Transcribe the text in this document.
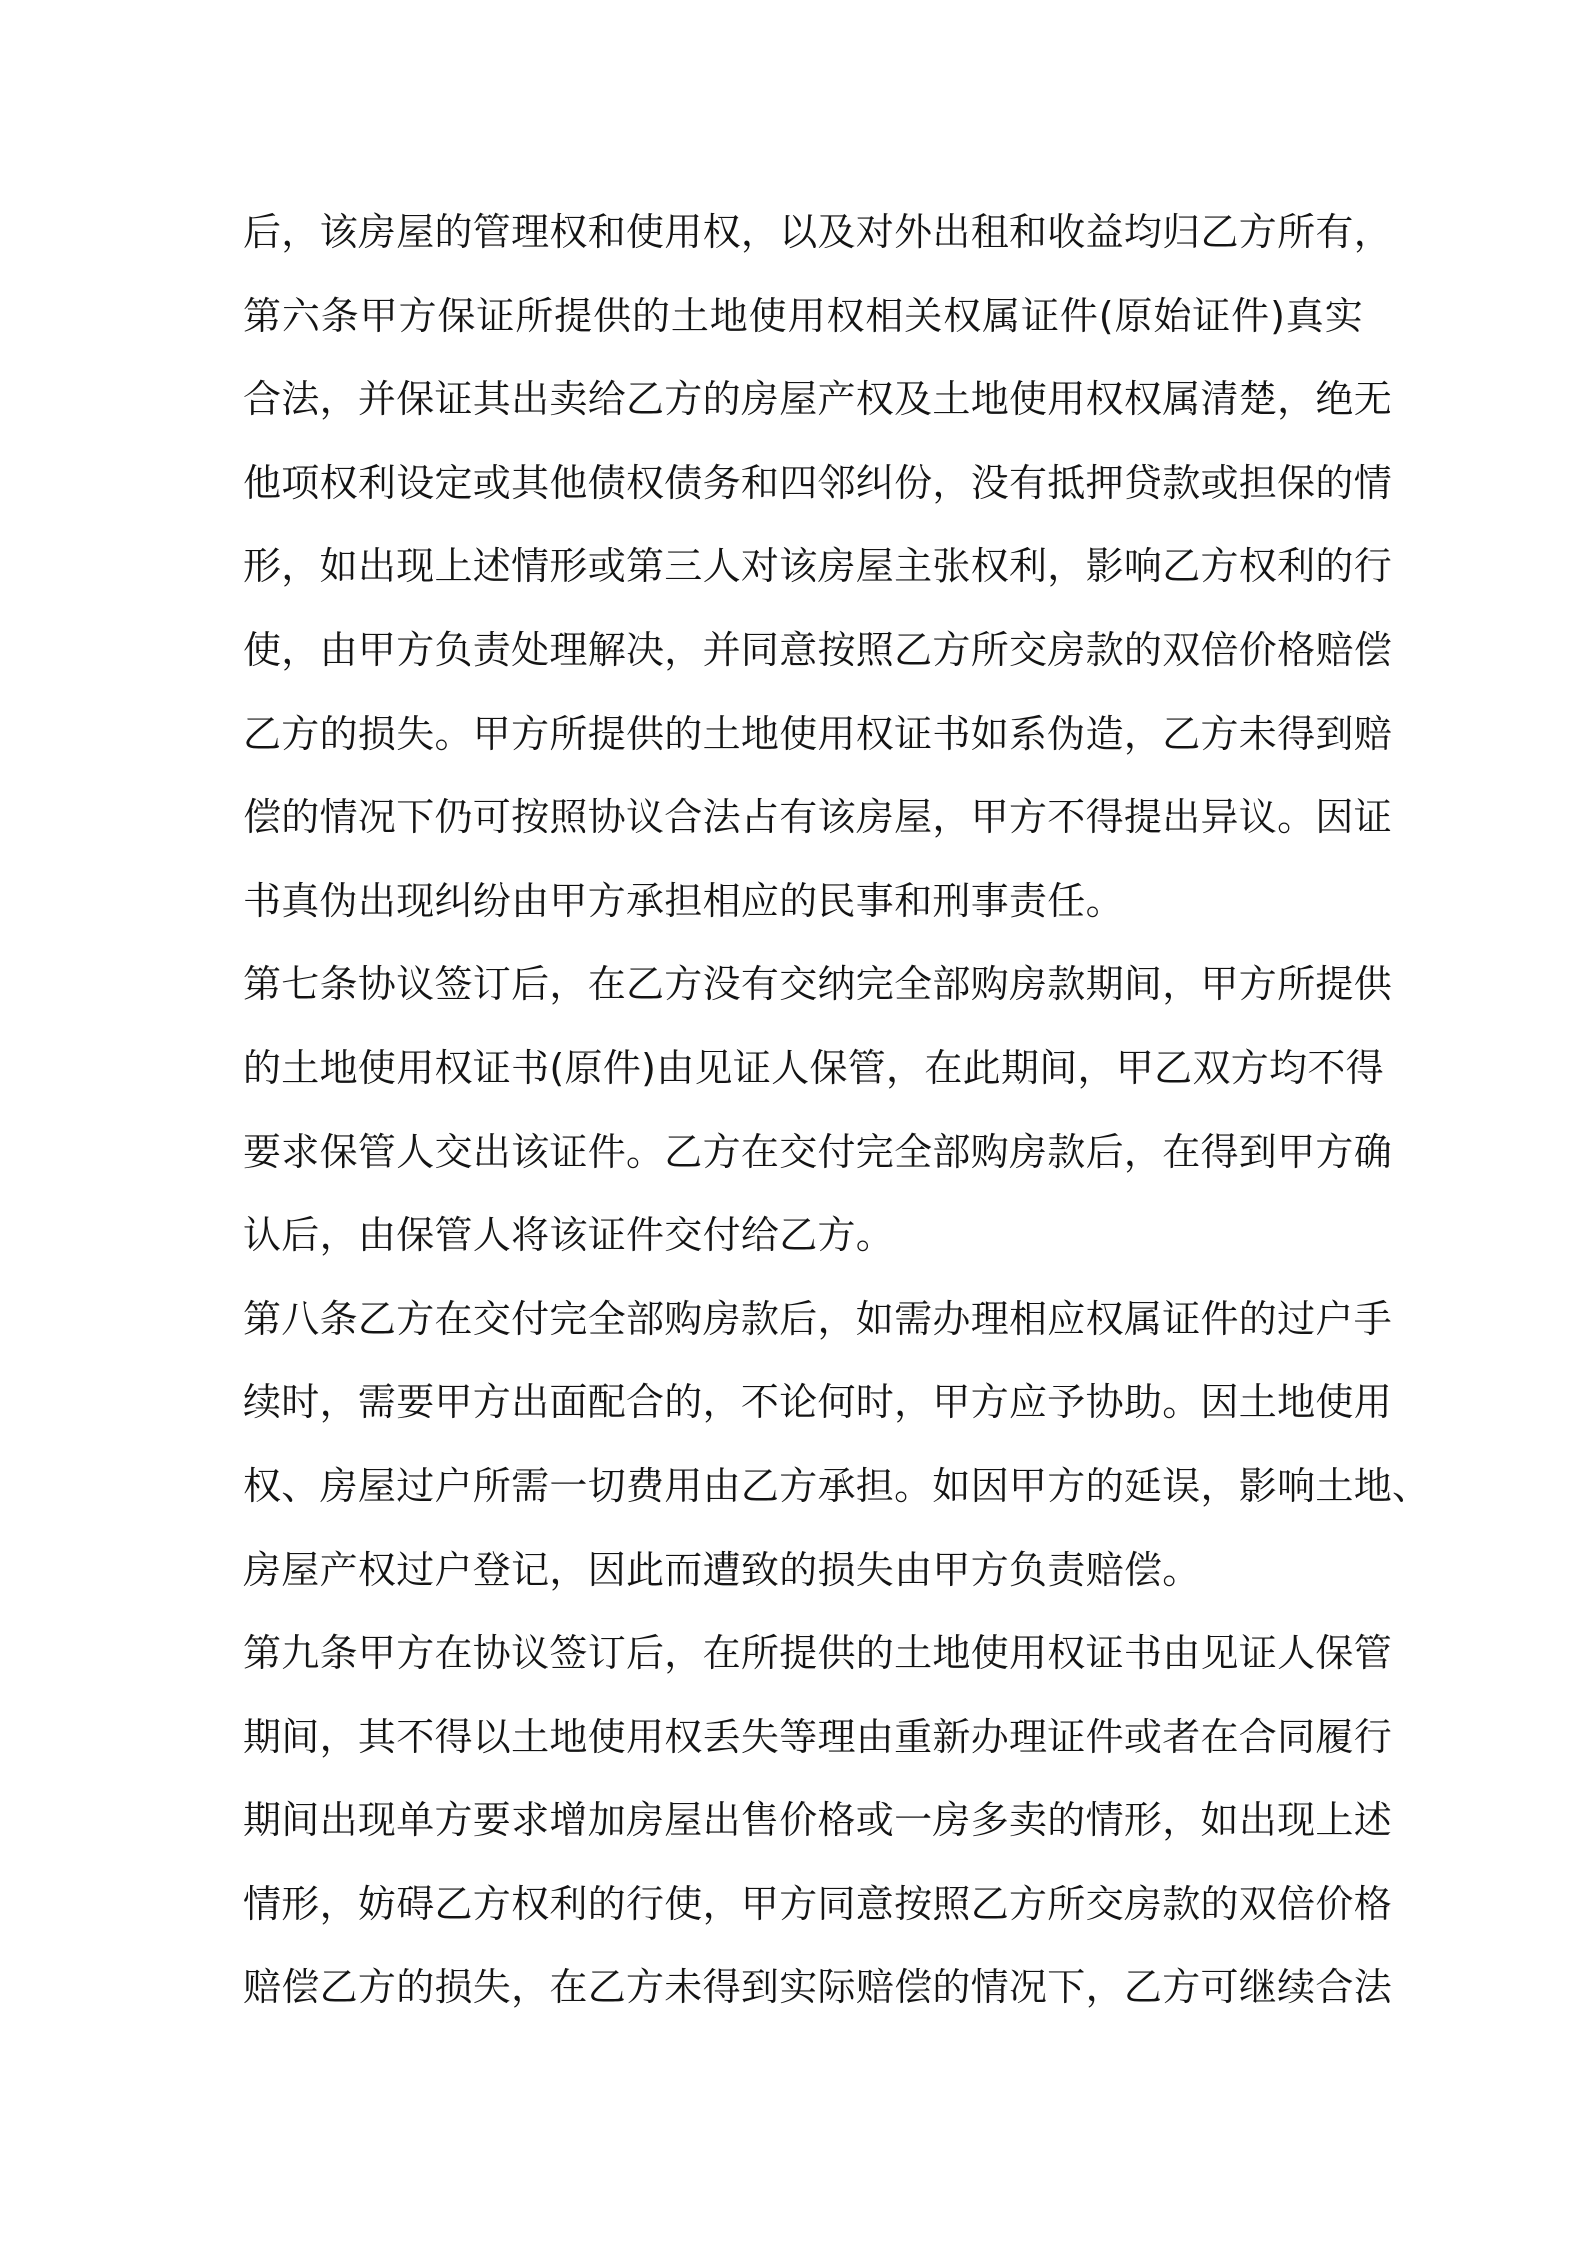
后，该房屋的管理权和使用权，以及对外出租和收益均归乙方所有，
第六条甲方保证所提供的土地使用权相关权属证件(原始证件)真实
合法，并保证其出卖给乙方的房屋产权及土地使用权权属清楚，绝无
他项权利设定或其他债权债务和四邻纠份，没有抵押贷款或担保的情
形，如出现上述情形或第三人对该房屋主张权利，影响乙方权利的行
使，由甲方负责处理解决，并同意按照乙方所交房款的双倍价格赔偿
乙方的损失。甲方所提供的土地使用权证书如系伪造，乙方未得到赔
偿的情况下仍可按照协议合法占有该房屋，甲方不得提出异议。因证
书真伪出现纠纷由甲方承担相应的民事和刑事责任。
第七条协议签订后，在乙方没有交纳完全部购房款期间，甲方所提供
的土地使用权证书(原件)由见证人保管，在此期间，甲乙双方均不得
要求保管人交出该证件。乙方在交付完全部购房款后，在得到甲方确
认后，由保管人将该证件交付给乙方。
第八条乙方在交付完全部购房款后，如需办理相应权属证件的过户手
续时，需要甲方出面配合的，不论何时，甲方应予协助。因土地使用
权、房屋过户所需一切费用由乙方承担。如因甲方的延误，影响土地、
房屋产权过户登记，因此而遭致的损失由甲方负责赔偿。
第九条甲方在协议签订后，在所提供的土地使用权证书由见证人保管
期间，其不得以土地使用权丢失等理由重新办理证件或者在合同履行
期间出现单方要求增加房屋出售价格或一房多卖的情形，如出现上述
情形，妨碍乙方权利的行使，甲方同意按照乙方所交房款的双倍价格
赔偿乙方的损失，在乙方未得到实际赔偿的情况下，乙方可继续合法
